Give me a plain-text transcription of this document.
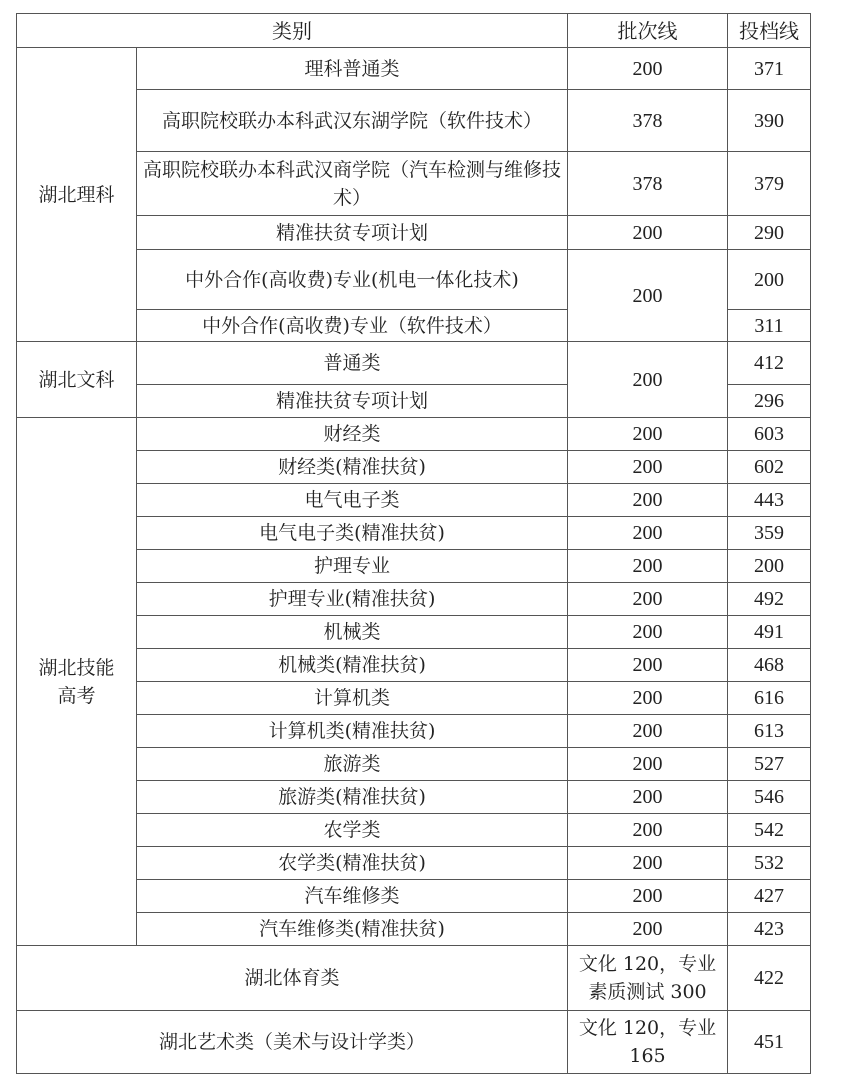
类别		批次线	投档线
湖北理科	理科普通类	200	371
	高职院校联办本科武汉东湖学院（软件技术）	378	390
	高职院校联办本科武汉商学院（汽车检测与维修技术）	378	379
	精准扶贫专项计划	200	290
	中外合作(高收费)专业(机电一体化技术)	200	200
	中外合作(高收费)专业（软件技术）		311
湖北文科	普通类	200	412
	精准扶贫专项计划		296
湖北技能高考	财经类	200	603
	财经类(精准扶贫)	200	602
	电气电子类	200	443
	电气电子类(精准扶贫)	200	359
	护理专业	200	200
	护理专业(精准扶贫)	200	492
	机械类	200	491
	机械类(精准扶贫)	200	468
	计算机类	200	616
	计算机类(精准扶贫)	200	613
	旅游类	200	527
	旅游类(精准扶贫)	200	546
	农学类	200	542
	农学类(精准扶贫)	200	532
	汽车维修类	200	427
	汽车维修类(精准扶贫)	200	423
湖北体育类		文化 120，专业素质测试 300	422
湖北艺术类（美术与设计学类）		文化 120，专业 165	451
